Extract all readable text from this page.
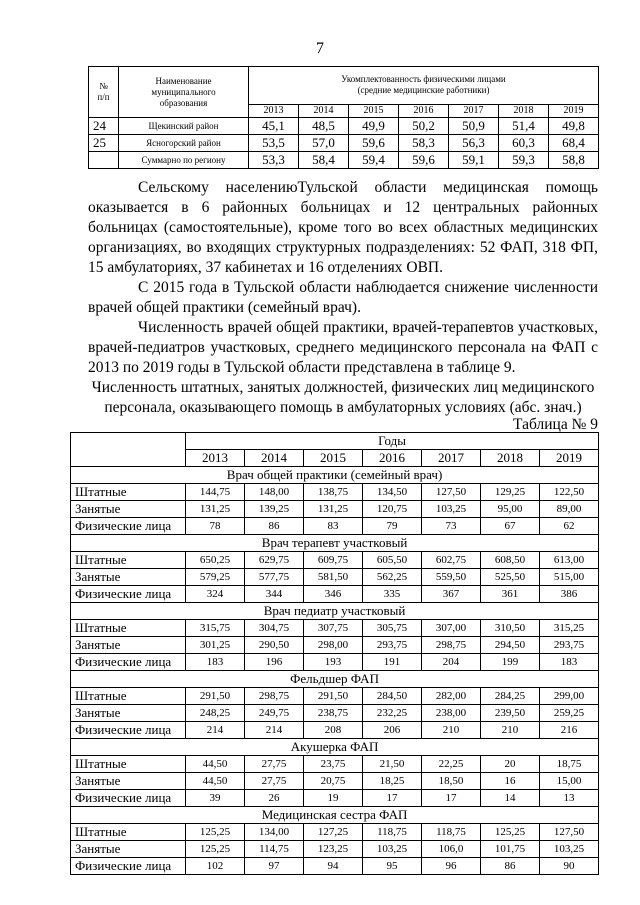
7
№
п/п	Наименование
муниципального
образования	Укомплектованность физическими лицами
(средние медицинские работники)						
		2013	2014	2015	2016	2017	2018	2019
24	Щекинский район	45,1	48,5	49,9	50,2	50,9	51,4	49,8
25	Ясногорский район	53,5	57,0	59,6	58,3	56,3	60,3	68,4
	Суммарно по региону	53,3	58,4	59,4	59,6	59,1	59,3	58,8

Сельскому населениюТульской области медицинская помощь оказывается в 6 районных больницах и 12 центральных районных больницах (самостоятельные), кроме того во всех областных медицинских организациях, во входящих структурных подразделениях: 52 ФАП, 318 ФП, 15 амбулаториях, 37 кабинетах и 16 отделениях ОВП.

С 2015 года в Тульской области наблюдается снижение численности врачей общей практики (семейный врач).

Численность врачей общей практики, врачей-терапевтов участковых, врачей-педиатров участковых, среднего медицинского персонала на ФАП с 2013 по 2019 годы в Тульской области представлена в таблице 9.

Численность штатных, занятых должностей, физических лиц медицинского персонала, оказывающего помощь в амбулаторных условиях (абс. знач.)

Таблица № 9
	Годы						
	2013	2014	2015	2016	2017	2018	2019
Врач общей практики (семейный врач)							
Штатные	144,75	148,00	138,75	134,50	127,50	129,25	122,50
Занятые	131,25	139,25	131,25	120,75	103,25	95,00	89,00
Физические лица	78	86	83	79	73	67	62
Врач терапевт участковый							
Штатные	650,25	629,75	609,75	605,50	602,75	608,50	613,00
Занятые	579,25	577,75	581,50	562,25	559,50	525,50	515,00
Физические лица	324	344	346	335	367	361	386
Врач педиатр участковый							
Штатные	315,75	304,75	307,75	305,75	307,00	310,50	315,25
Занятые	301,25	290,50	298,00	293,75	298,75	294,50	293,75
Физические лица	183	196	193	191	204	199	183
Фельдшер ФАП							
Штатные	291,50	298,75	291,50	284,50	282,00	284,25	299,00
Занятые	248,25	249,75	238,75	232,25	238,00	239,50	259,25
Физические лица	214	214	208	206	210	210	216
Акушерка ФАП							
Штатные	44,50	27,75	23,75	21,50	22,25	20	18,75
Занятые	44,50	27,75	20,75	18,25	18,50	16	15,00
Физические лица	39	26	19	17	17	14	13
Медицинская сестра ФАП							
Штатные	125,25	134,00	127,25	118,75	118,75	125,25	127,50
Занятые	125,25	114,75	123,25	103,25	106,0	101,75	103,25
Физические лица	102	97	94	95	96	86	90
